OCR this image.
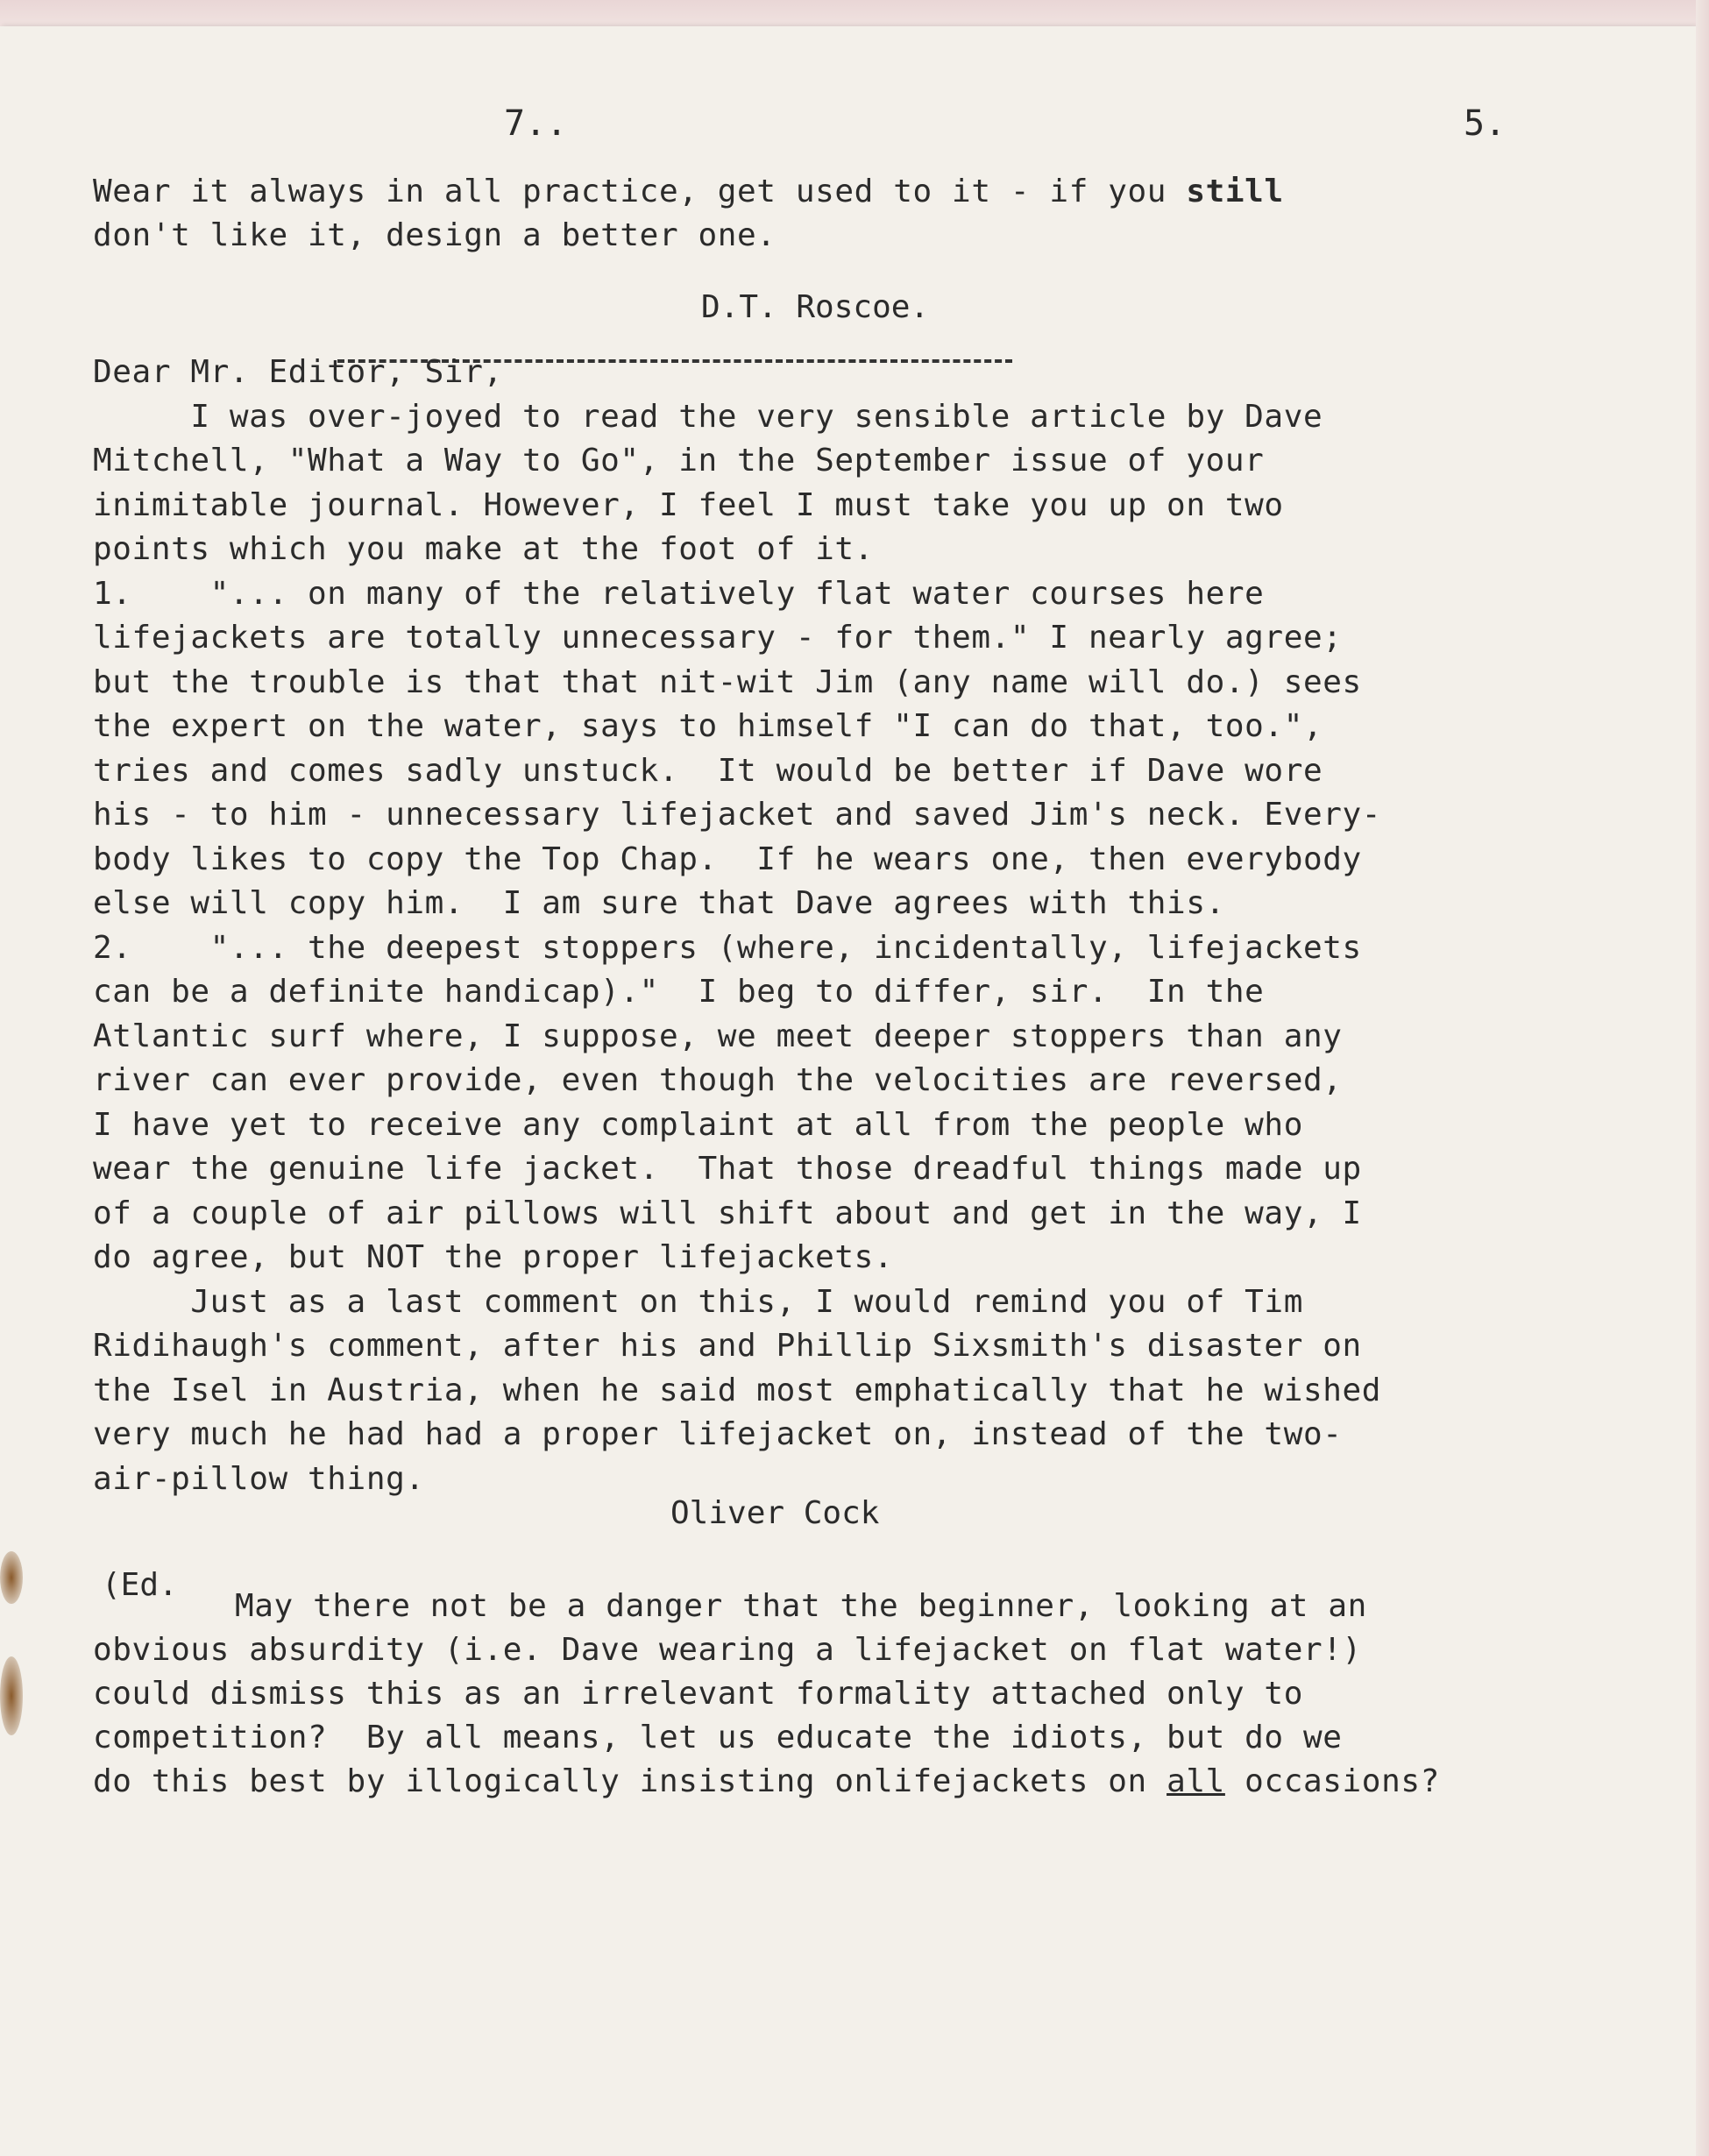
7..	5.
Wear it always in all practice, get used to it - if you still
don't like it, design a better one.
D.T. Roscoe.
Dear Mr. Editor, Sir,
I was over-joyed to read the very sensible article by Dave
Mitchell, "What a Way to Go", in the September issue of your
inimitable journal. However, I feel I must take you up on two
points which you make at the foot of it.
1.    "... on many of the relatively flat water courses here
lifejackets are totally unnecessary - for them." I nearly agree;
but the trouble is that that nit-wit Jim (any name will do.) sees
the expert on the water, says to himself "I can do that, too.",
tries and comes sadly unstuck.  It would be better if Dave wore
his - to him - unnecessary lifejacket and saved Jim's neck. Every-
body likes to copy the Top Chap.  If he wears one, then everybody
else will copy him.  I am sure that Dave agrees with this.
2.    "... the deepest stoppers (where, incidentally, lifejackets
can be a definite handicap)."  I beg to differ, sir.  In the
Atlantic surf where, I suppose, we meet deeper stoppers than any
river can ever provide, even though the velocities are reversed,
I have yet to receive any complaint at all from the people who
wear the genuine life jacket.  That those dreadful things made up
of a couple of air pillows will shift about and get in the way, I
do agree, but NOT the proper lifejackets.
Just as a last comment on this, I would remind you of Tim
Ridihaugh's comment, after his and Phillip Sixsmith's disaster on
the Isel in Austria, when he said most emphatically that he wished
very much he had had a proper lifejacket on, instead of the two-
air-pillow thing.
Oliver Cock
(Ed.
May there not be a danger that the beginner, looking at an
obvious absurdity (i.e. Dave wearing a lifejacket on flat water!)
could dismiss this as an irrelevant formality attached only to
competition?  By all means, let us educate the idiots, but do we
do this best by illogically insisting onlifejackets on all occasions?
